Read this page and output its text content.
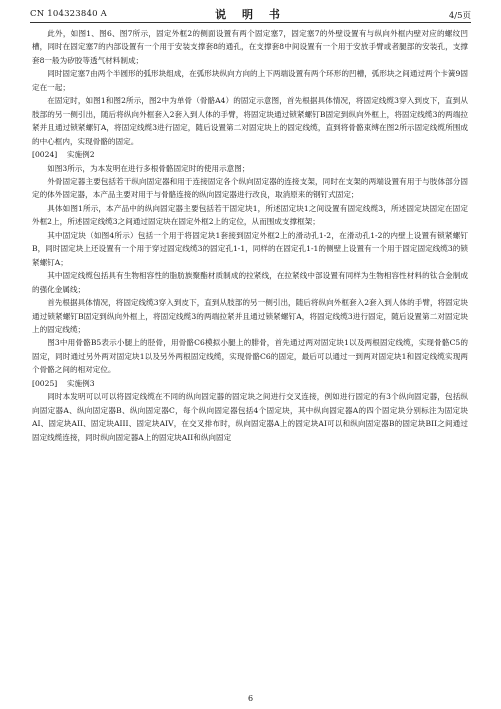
CN 104323840 A	说 明 书	4/5页

此外，如图1、图6、图7所示，固定外框2的侧面设置有两个固定塞7，固定塞7的外壁设置有与纵向外框内壁对应的螺纹凹槽，同时在固定塞7的内部设置有一个用于安装支撑套8的通孔，在支撑套8中间设置有一个用于安放手臂或者腿部的安装孔，支撑套8一般为矽胶等透气材料制成；

同时固定塞7由两个半圆形的弧形块组成，在弧形块纵向方向的上下两端设置有两个环形的凹槽，弧形块之间通过两个卡簧9固定在一起；

在固定时，如图1和图2所示，图2中为单骨（骨骼A4）的固定示意图，首先根据具体情况，将固定线缆3穿入到皮下，直到从肢部的另一侧引出，随后将纵向外框套入2套入到人体的手臂，将固定块通过锁紧螺钉B固定到纵向外框上，将固定线缆3的两端拉紧并且通过锁紧螺钉A，将固定线缆3进行固定，随后设置第二对固定块上的固定线缆，直到将骨骼束缚在图2所示固定线缆所围成的中心框内，实现骨骼的固定。

[0024] 实施例2

如图3所示，为本发明在进行多根骨骼固定时的使用示意图；

外骨固定器主要包括若干纵向固定器和用于连接固定各个纵向固定器的连接支架，同时在支架的两端设置有用于与肢体部分固定的体外固定器，本产品主要对用于与骨骼连接的纵向固定器进行改良，取消原来的钢钉式固定；

具体如图1所示，本产品中的纵向固定器主要包括若干固定块1，所述固定块1之间设置有固定线缆3，所述固定块固定在固定外框2上，所述固定线缆3之间通过固定块在固定外框2上的定位，从而围成支撑框架；

其中固定块（如图4所示）包括一个用于将固定块1套接到固定外框2上的滑动孔1-2，在滑动孔1-2的内壁上设置有锁紧螺钉B，同时固定块上还设置有一个用于穿过固定线缆3的固定孔1-1，同样的在固定孔1-1的侧壁上设置有一个用于固定固定线缆3的锁紧螺钉A；

其中固定线缆包括具有生物相容性的脂肪族聚酯材质制成的拉紧线，在拉紧线中部设置有同样为生物相容性材料的钛合金制成的强化金属线；

首先根据具体情况，将固定线缆3穿入到皮下，直到从肢部的另一侧引出，随后将纵向外框套入2套入到人体的手臂，将固定块通过锁紧螺钉B固定到纵向外框上，将固定线缆3的两端拉紧并且通过锁紧螺钉A，将固定线缆3进行固定，随后设置第二对固定块上的固定线缆；

图3中用骨骼B5表示小腿上的胫骨，用骨骼C6模拟小腿上的腓骨，首先通过两对固定块1以及两根固定线缆，实现骨骼C5的固定，同时通过另外两对固定块1以及另外两根固定线缆，实现骨骼C6的固定，最后可以通过一到两对固定块1和固定线缆实现两个骨骼之间的相对定位。

[0025] 实施例3

同时本发明可以可以将固定线缆在不同的纵向固定器的固定块之间进行交叉连接，例如进行固定的有3个纵向固定器，包括纵向固定器A、纵向固定器B、纵向固定器C，每个纵向固定器包括4个固定块，其中纵向固定器A的四个固定块分别标注为固定块AI、固定块AII、固定块AIII、固定块AIV，在交叉排布时，纵向固定器A上的固定块AI可以和纵向固定器B的固定块BII之间通过固定线缆连接，同时纵向固定器A上的固定块AII和纵向固定

6
